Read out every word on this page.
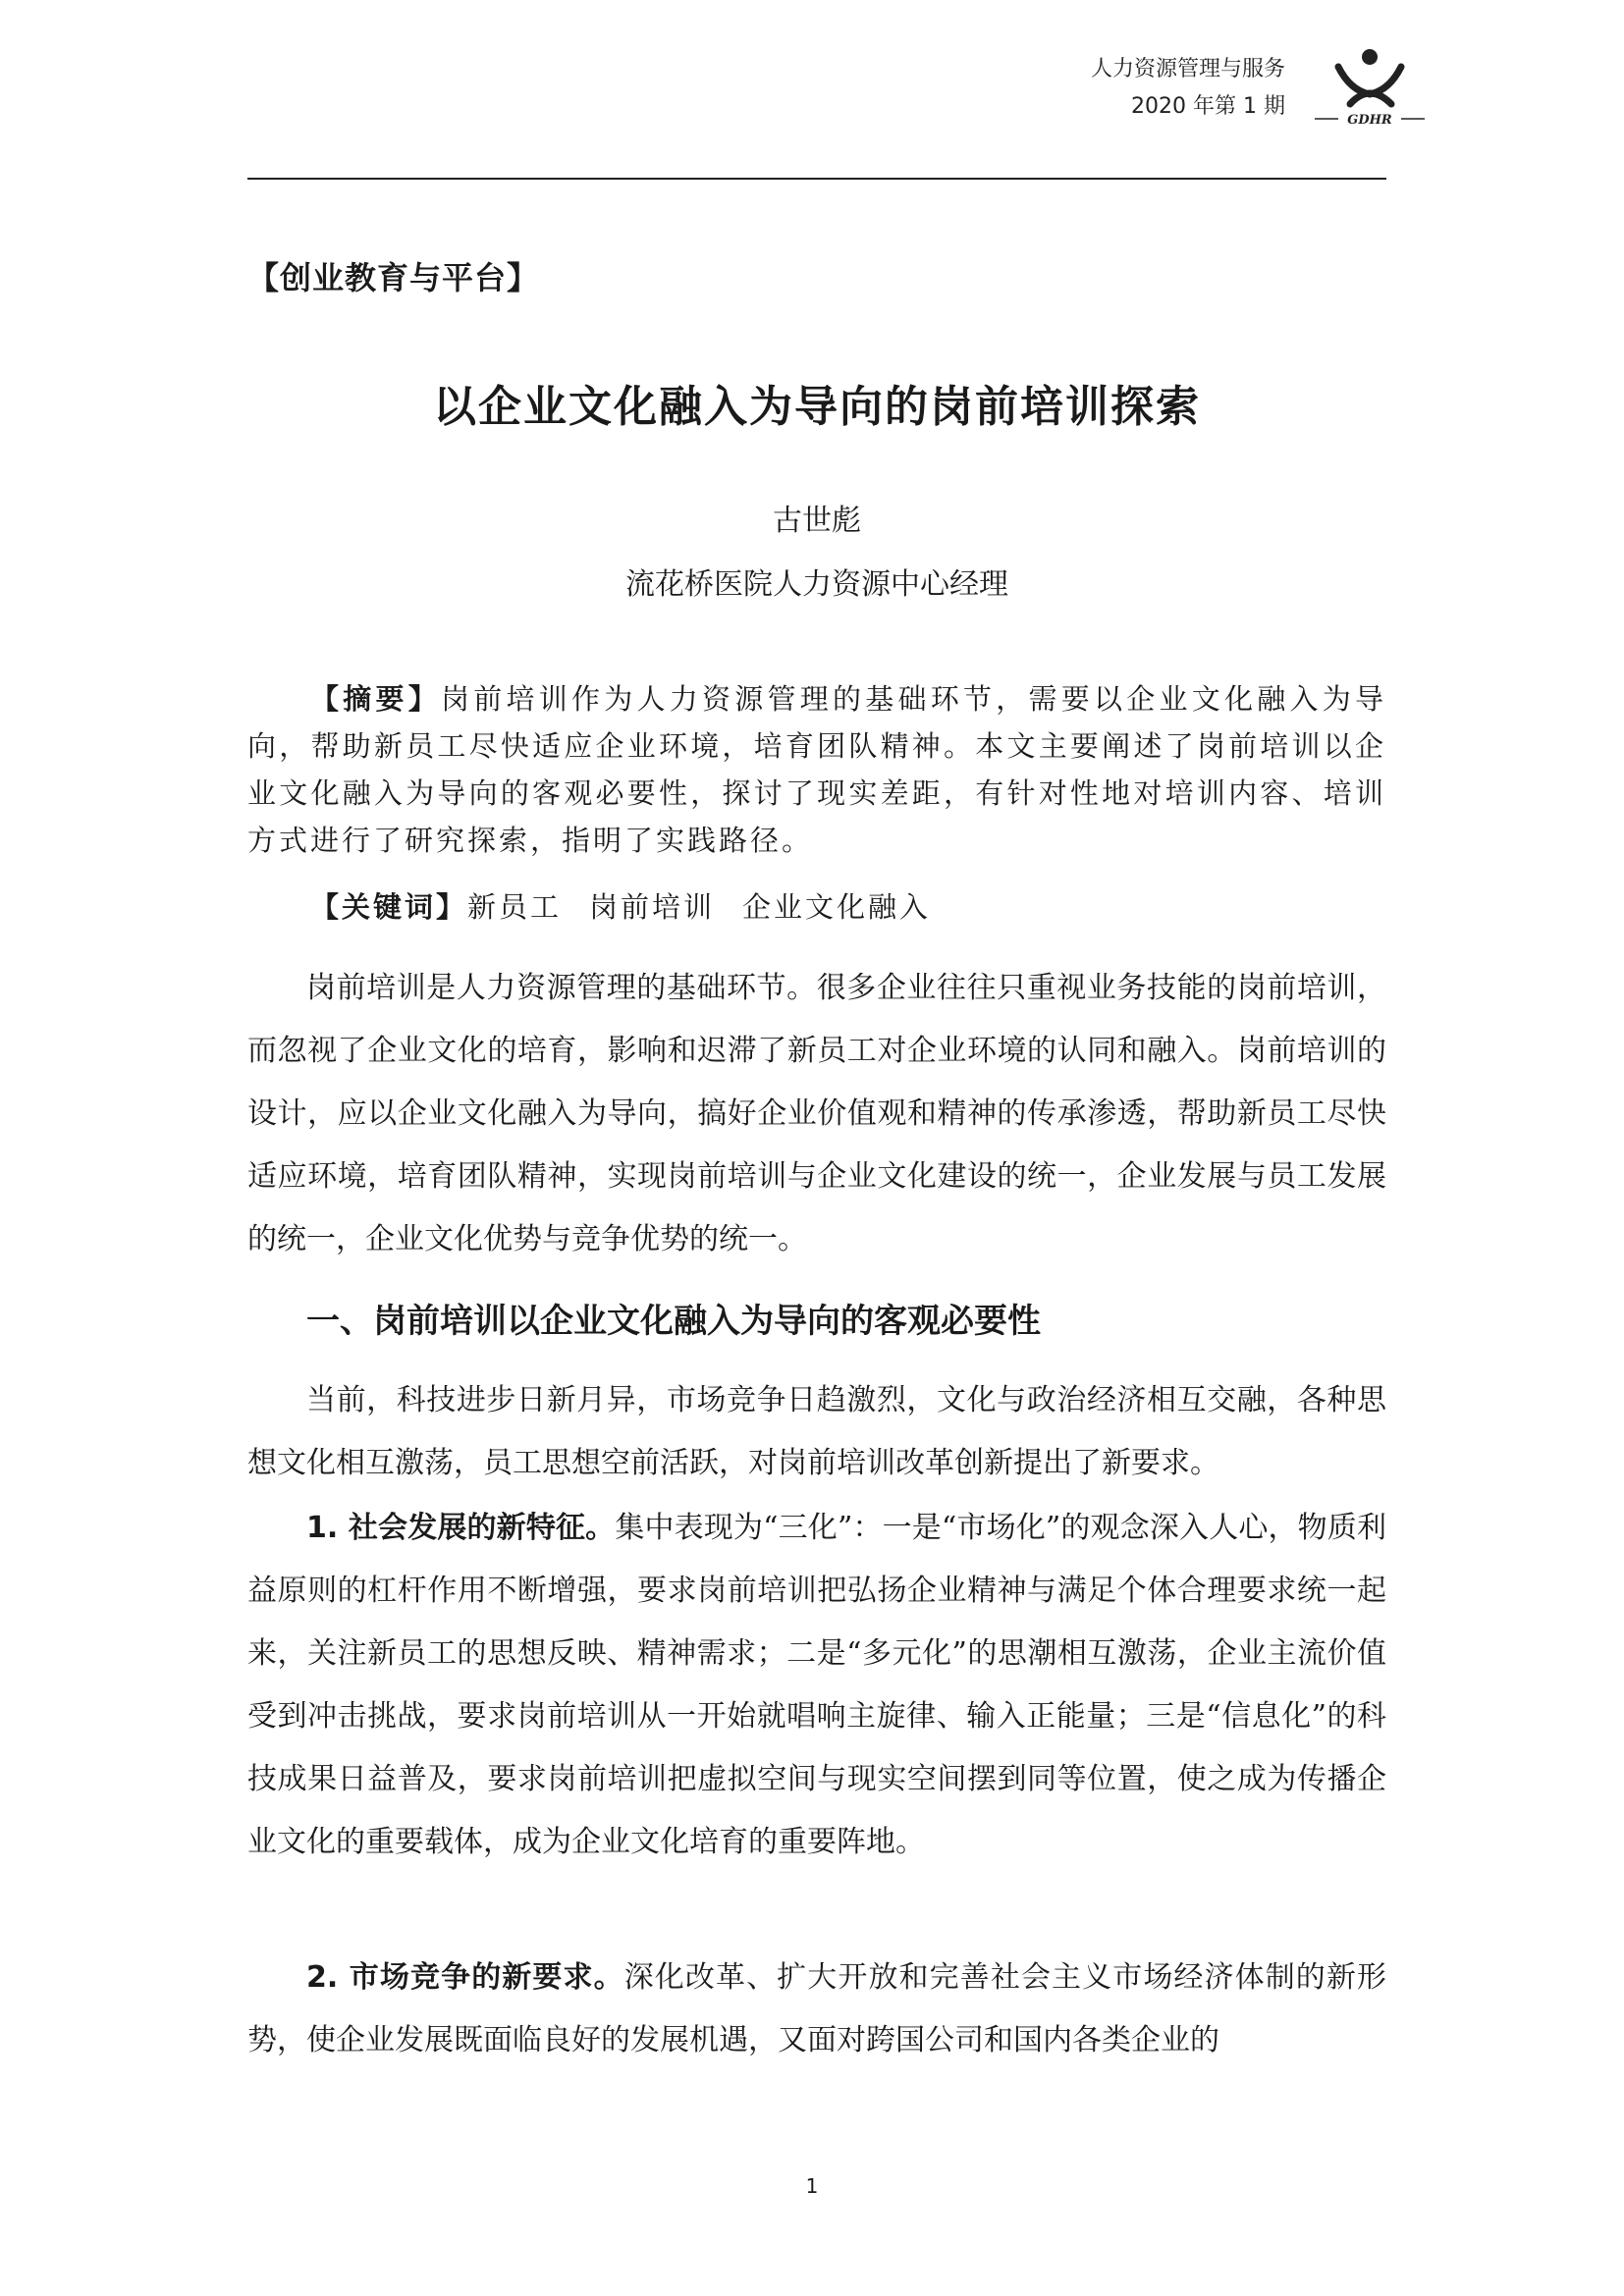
人力资源管理与服务
2020 年第 1 期
GDHR
【创业教育与平台】
以企业文化融入为导向的岗前培训探索
古世彪
流花桥医院人力资源中心经理
【摘要】岗前培训作为人力资源管理的基础环节，需要以企业文化融入为导向，帮助新员工尽快适应企业环境，培育团队精神。本文主要阐述了岗前培训以企业文化融入为导向的客观必要性，探讨了现实差距，有针对性地对培训内容、培训方式进行了研究探索，指明了实践路径。
【关键词】新员工 岗前培训 企业文化融入
岗前培训是人力资源管理的基础环节。很多企业往往只重视业务技能的岗前培训，而忽视了企业文化的培育，影响和迟滞了新员工对企业环境的认同和融入。岗前培训的设计，应以企业文化融入为导向，搞好企业价值观和精神的传承渗透，帮助新员工尽快适应环境，培育团队精神，实现岗前培训与企业文化建设的统一，企业发展与员工发展的统一，企业文化优势与竞争优势的统一。
一、岗前培训以企业文化融入为导向的客观必要性
当前，科技进步日新月异，市场竞争日趋激烈，文化与政治经济相互交融，各种思想文化相互激荡，员工思想空前活跃，对岗前培训改革创新提出了新要求。
1. 社会发展的新特征。集中表现为“三化”：一是“市场化”的观念深入人心，物质利益原则的杠杆作用不断增强，要求岗前培训把弘扬企业精神与满足个体合理要求统一起来，关注新员工的思想反映、精神需求；二是“多元化”的思潮相互激荡，企业主流价值受到冲击挑战，要求岗前培训从一开始就唱响主旋律、输入正能量；三是“信息化”的科技成果日益普及，要求岗前培训把虚拟空间与现实空间摆到同等位置，使之成为传播企业文化的重要载体，成为企业文化培育的重要阵地。
2. 市场竞争的新要求。深化改革、扩大开放和完善社会主义市场经济体制的新形势，使企业发展既面临良好的发展机遇，又面对跨国公司和国内各类企业的
1
